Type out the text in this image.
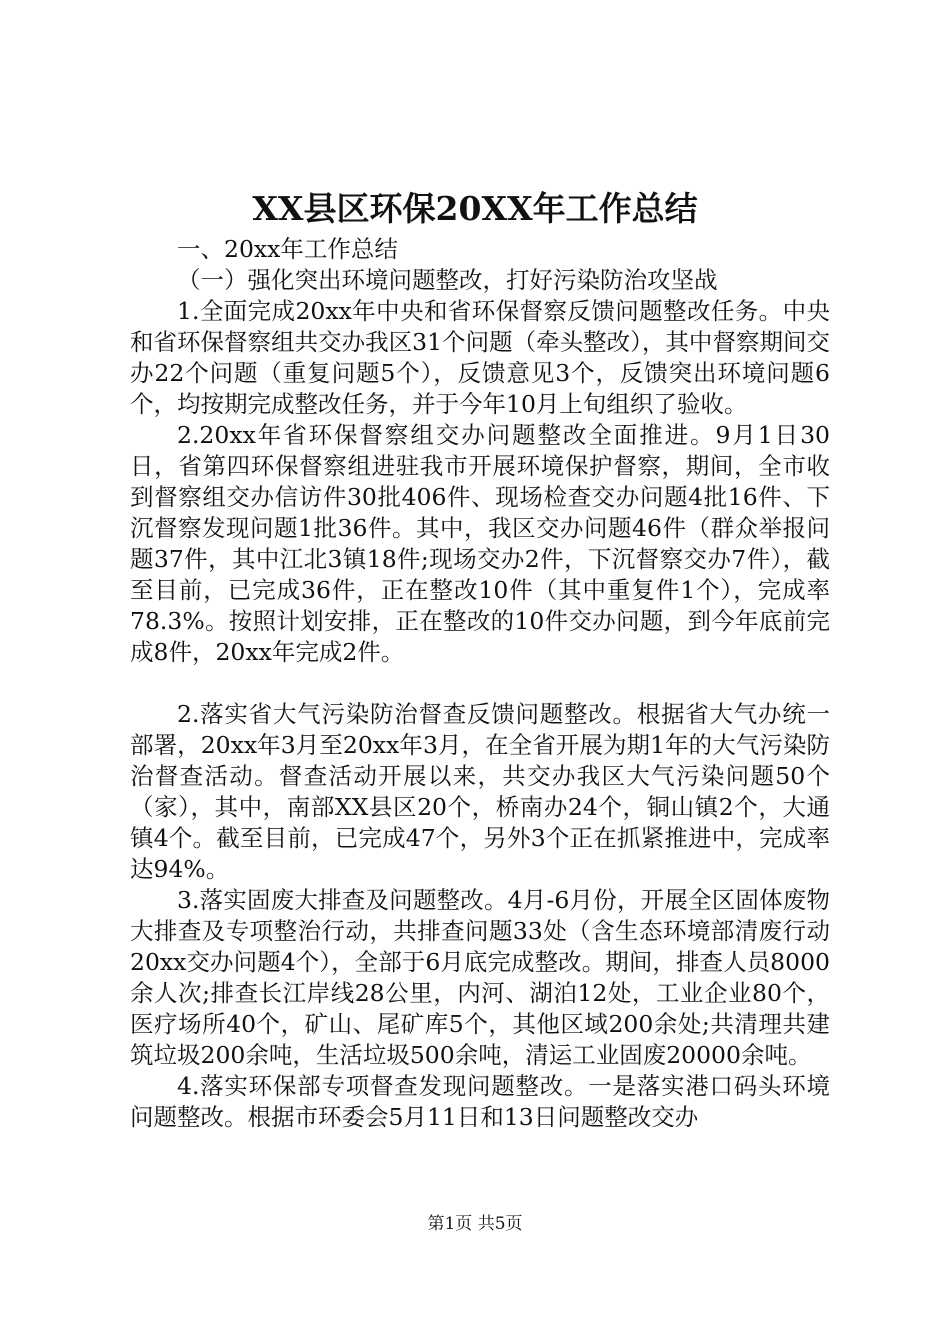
XX县区环保20XX年工作总结

一、20xx年工作总结

（一）强化突出环境问题整改，打好污染防治攻坚战

1.全面完成20xx年中央和省环保督察反馈问题整改任务。中央和省环保督察组共交办我区31个问题（牵头整改），其中督察期间交办22个问题（重复问题5个），反馈意见3个，反馈突出环境问题6个，均按期完成整改任务，并于今年10月上旬组织了验收。

2.20xx年省环保督察组交办问题整改全面推进。9月1日30日，省第四环保督察组进驻我市开展环境保护督察，期间，全市收到督察组交办信访件30批406件、现场检查交办问题4批16件、下沉督察发现问题1批36件。其中，我区交办问题46件（群众举报问题37件，其中江北3镇18件;现场交办2件，下沉督察交办7件），截至目前，已完成36件，正在整改10件（其中重复件1个），完成率78.3%。按照计划安排，正在整改的10件交办问题，到今年底前完成8件，20xx年完成2件。

2.落实省大气污染防治督查反馈问题整改。根据省大气办统一部署，20xx年3月至20xx年3月，在全省开展为期1年的大气污染防治督查活动。督查活动开展以来，共交办我区大气污染问题50个（家），其中，南部XX县区20个，桥南办24个，铜山镇2个，大通镇4个。截至目前，已完成47个，另外3个正在抓紧推进中，完成率达94%。

3.落实固废大排查及问题整改。4月-6月份，开展全区固体废物大排查及专项整治行动，共排查问题33处（含生态环境部清废行动20xx交办问题4个），全部于6月底完成整改。期间，排查人员8000余人次;排查长江岸线28公里，内河、湖泊12处，工业企业80个，医疗场所40个，矿山、尾矿库5个，其他区域200余处;共清理共建筑垃圾200余吨，生活垃圾500余吨，清运工业固废20000余吨。

4.落实环保部专项督查发现问题整改。一是落实港口码头环境问题整改。根据市环委会5月11日和13日问题整改交办

第1页 共5页
